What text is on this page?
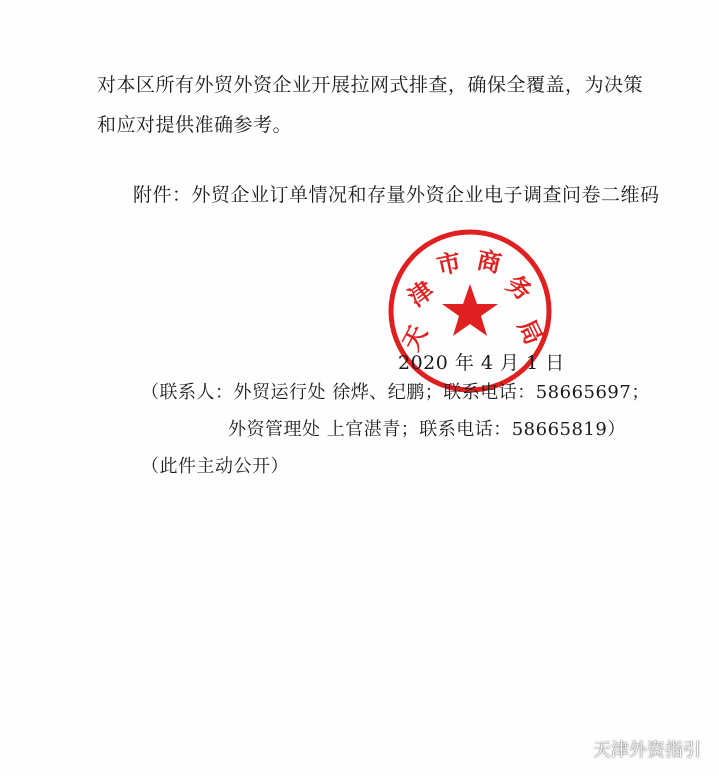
对本区所有外贸外资企业开展拉网式排查，确保全覆盖，为决策
和应对提供准确参考。
附件：外贸企业订单情况和存量外资企业电子调查问卷二维码
天
津
市 商
务
局
2020 年 4 月 1 日
（联系人：外贸运行处 徐烨、纪鹏；联系电话：58665697；
外资管理处 上官湛青；联系电话：58665819）
（此件主动公开）
天津外资指引
